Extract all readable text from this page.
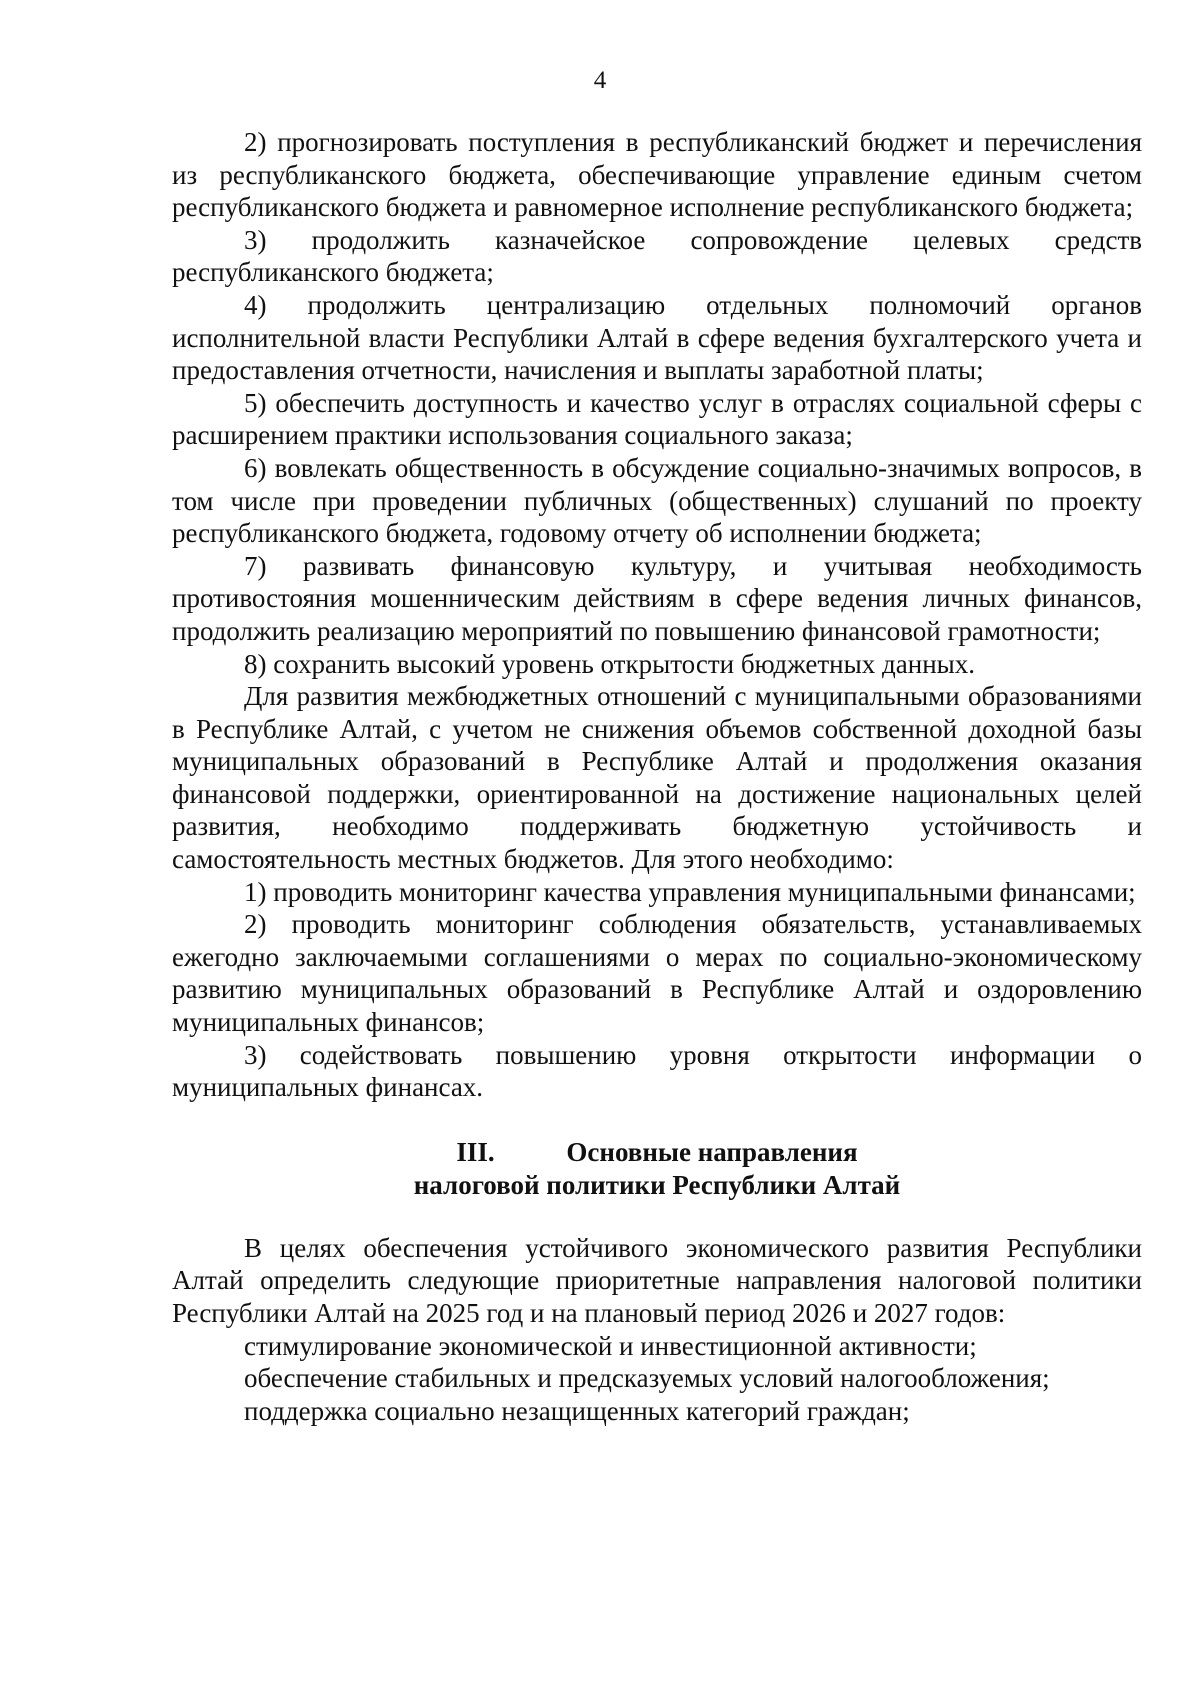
4

2) прогнозировать поступления в республиканский бюджет и перечисления из республиканского бюджета, обеспечивающие управление единым счетом республиканского бюджета и равномерное исполнение республиканского бюджета;

3) продолжить казначейское сопровождение целевых средств республиканского бюджета;

4) продолжить централизацию отдельных полномочий органов исполнительной власти Республики Алтай в сфере ведения бухгалтерского учета и предоставления отчетности, начисления и выплаты заработной платы;

5) обеспечить доступность и качество услуг в отраслях социальной сферы с расширением практики использования социального заказа;

6) вовлекать общественность в обсуждение социально-значимых вопросов, в том числе при проведении публичных (общественных) слушаний по проекту республиканского бюджета, годовому отчету об исполнении бюджета;

7) развивать финансовую культуру, и учитывая необходимость противостояния мошенническим действиям в сфере ведения личных финансов, продолжить реализацию мероприятий по повышению финансовой грамотности;

8) сохранить высокий уровень открытости бюджетных данных.

Для развития межбюджетных отношений с муниципальными образованиями в Республике Алтай, с учетом не снижения объемов собственной доходной базы муниципальных образований в Республике Алтай и продолжения оказания финансовой поддержки, ориентированной на достижение национальных целей развития, необходимо поддерживать бюджетную устойчивость и самостоятельность местных бюджетов. Для этого необходимо:

1) проводить мониторинг качества управления муниципальными финансами;

2) проводить мониторинг соблюдения обязательств, устанавливаемых ежегодно заключаемыми соглашениями о мерах по социально-экономическому развитию муниципальных образований в Республике Алтай и оздоровлению муниципальных финансов;

3) содействовать повышению уровня открытости информации о муниципальных финансах.

III.	Основные направления
налоговой политики Республики Алтай

В целях обеспечения устойчивого экономического развития Республики Алтай определить следующие приоритетные направления налоговой политики Республики Алтай на 2025 год и на плановый период 2026 и 2027 годов:

стимулирование экономической и инвестиционной активности;

обеспечение стабильных и предсказуемых условий налогообложения;

поддержка социально незащищенных категорий граждан;
